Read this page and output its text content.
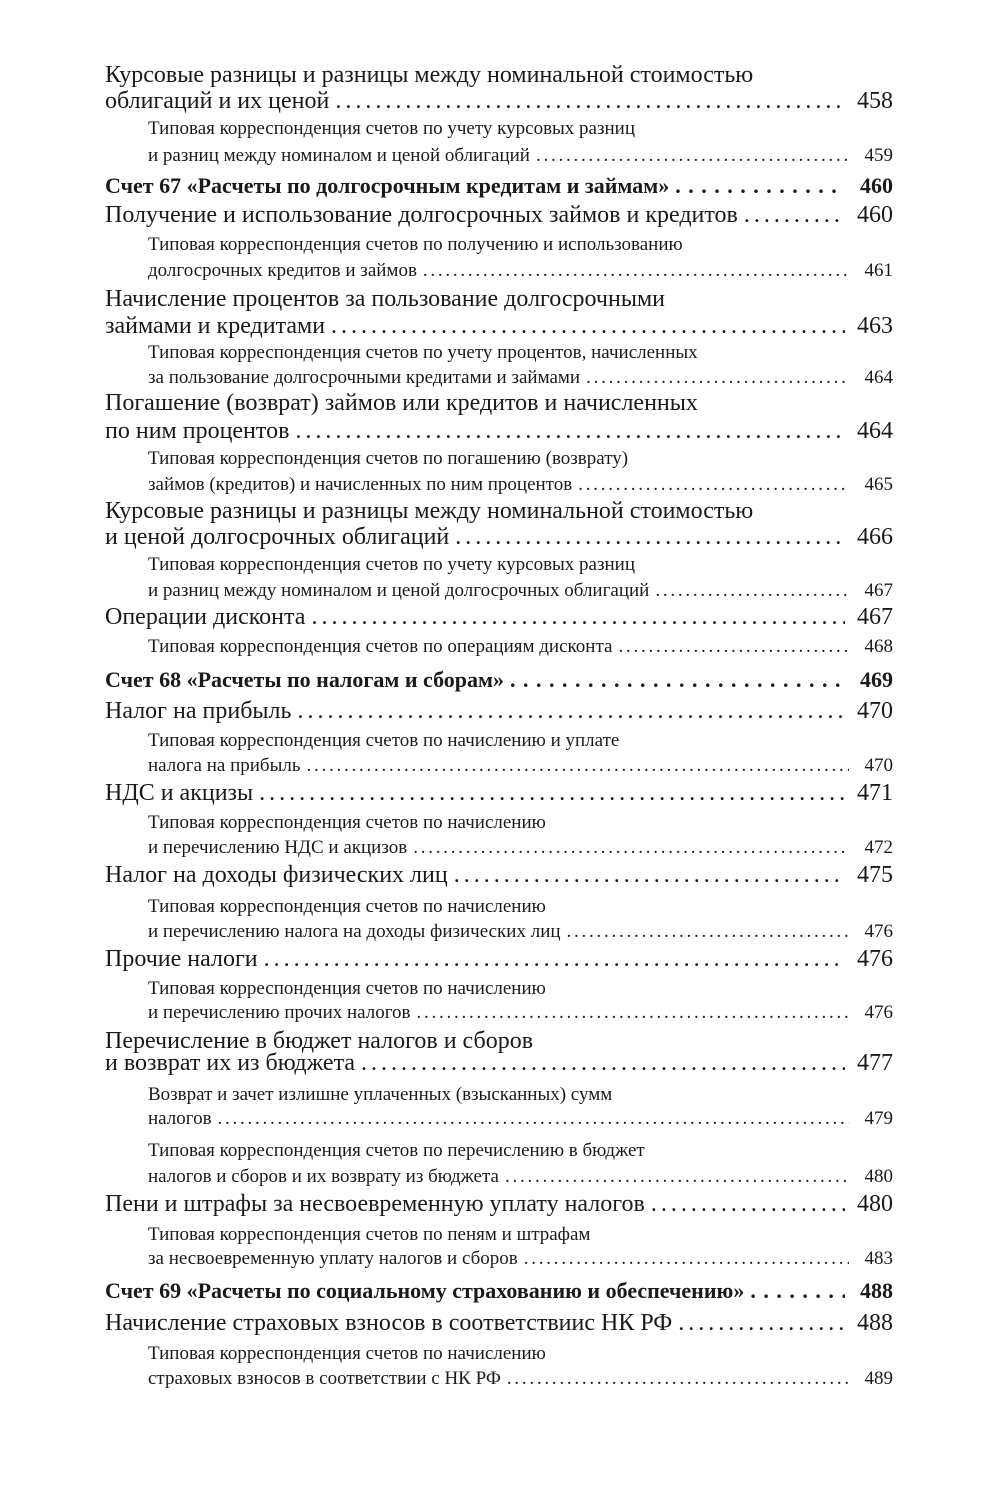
Курсовые разницы и разницы между номинальной стоимостью
облигаций и их ценой . . .	458
Типовая корреспонденция счетов по учету курсовых разниц
и разниц между номиналом и ценой облигаций . . .	459
Счет 67 «Расчеты по долгосрочным кредитам и займам» . . .	460
Получение и использование долгосрочных займов и кредитов . . .	460
Типовая корреспонденция счетов по получению и использованию
долгосрочных кредитов и займов . . .	461
Начисление процентов за пользование долгосрочными
займами и кредитами . . .	463
Типовая корреспонденция счетов по учету процентов, начисленных
за пользование долгосрочными кредитами и займами . . .	464
Погашение (возврат) займов или кредитов и начисленных
по ним процентов . . .	464
Типовая корреспонденция счетов по погашению (возврату)
займов (кредитов) и начисленных по ним процентов . . .	465
Курсовые разницы и разницы между номинальной стоимостью
и ценой долгосрочных облигаций . . .	466
Типовая корреспонденция счетов по учету курсовых разниц
и разниц между номиналом и ценой долгосрочных облигаций . . .	467
Операции дисконта . . .	467
Типовая корреспонденция счетов по операциям дисконта . . .	468
Счет 68 «Расчеты по налогам и сборам» . . .	469
Налог на прибыль . . .	470
Типовая корреспонденция счетов по начислению и уплате
налога на прибыль . . .	470
НДС и акцизы . . .	471
Типовая корреспонденция счетов по начислению
и перечислению НДС и акцизов . . .	472
Налог на доходы физических лиц . . .	475
Типовая корреспонденция счетов по начислению
и перечислению налога на доходы физических лиц . . .	476
Прочие налоги . . .	476
Типовая корреспонденция счетов по начислению
и перечислению прочих налогов . . .	476
Перечисление в бюджет налогов и сборов
и возврат их из бюджета . . .	477
Возврат и зачет излишне уплаченных (взысканных) сумм
налогов . . .	479
Типовая корреспонденция счетов по перечислению в бюджет
налогов и сборов и их возврату из бюджета . . .	480
Пени и штрафы за несвоевременную уплату налогов . . .	480
Типовая корреспонденция счетов по пеням и штрафам
за несвоевременную уплату налогов и сборов . . .	483
Счет 69 «Расчеты по социальному страхованию и обеспечению» . . .	488
Начисление страховых взносов в соответствиис НК РФ . . .	488
Типовая корреспонденция счетов по начислению
страховых взносов в соответствии с НК РФ . . .	489
